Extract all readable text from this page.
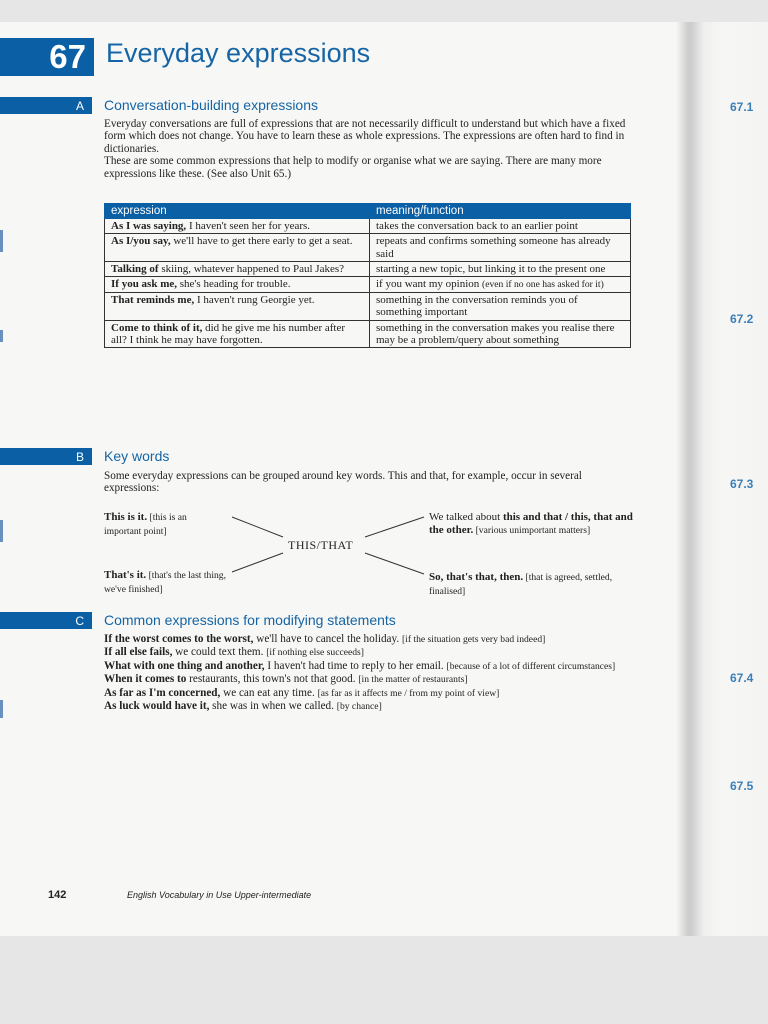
67.1
67.2
67.3
67.4
67.5
67 Everyday expressions
A	Conversation-building expressions

Everyday conversations are full of expressions that are not necessarily difficult to understand but which have a fixed form which does not change. You have to learn these as whole expressions. The expressions are often hard to find in dictionaries.

These are some common expressions that help to modify or organise what we are saying. There are many more expressions like these. (See also Unit 65.)

expression	meaning/function
As I was saying, I haven't seen her for years.	takes the conversation back to an earlier point
As I/you say, we'll have to get there early to get a seat.	repeats and confirms something someone has already said
Talking of skiing, whatever happened to Paul Jakes?	starting a new topic, but linking it to the present one
If you ask me, she's heading for trouble.	if you want my opinion (even if no one has asked for it)
That reminds me, I haven't rung Georgie yet.	something in the conversation reminds you of something important
Come to think of it, did he give me his number after all? I think he may have forgotten.	something in the conversation makes you realise there may be a problem/query about something
B	Key words
Some everyday expressions can be grouped around key words. This and that, for example, occur in several expressions:
This is it. [this is an important point]
That's it. [that's the last thing, we've finished]
THIS/THAT
We talked about this and that / this, that and the other. [various unimportant matters]
So, that's that, then. [that is agreed, settled, finalised]
C	Common expressions for modifying statements

If the worst comes to the worst, we'll have to cancel the holiday. [if the situation gets very bad indeed]

If all else fails, we could text them. [if nothing else succeeds]

What with one thing and another, I haven't had time to reply to her email. [because of a lot of different circumstances]

When it comes to restaurants, this town's not that good. [in the matter of restaurants]

As far as I'm concerned, we can eat any time. [as far as it affects me / from my point of view]

As luck would have it, she was in when we called. [by chance]

142	English Vocabulary in Use Upper-intermediate
